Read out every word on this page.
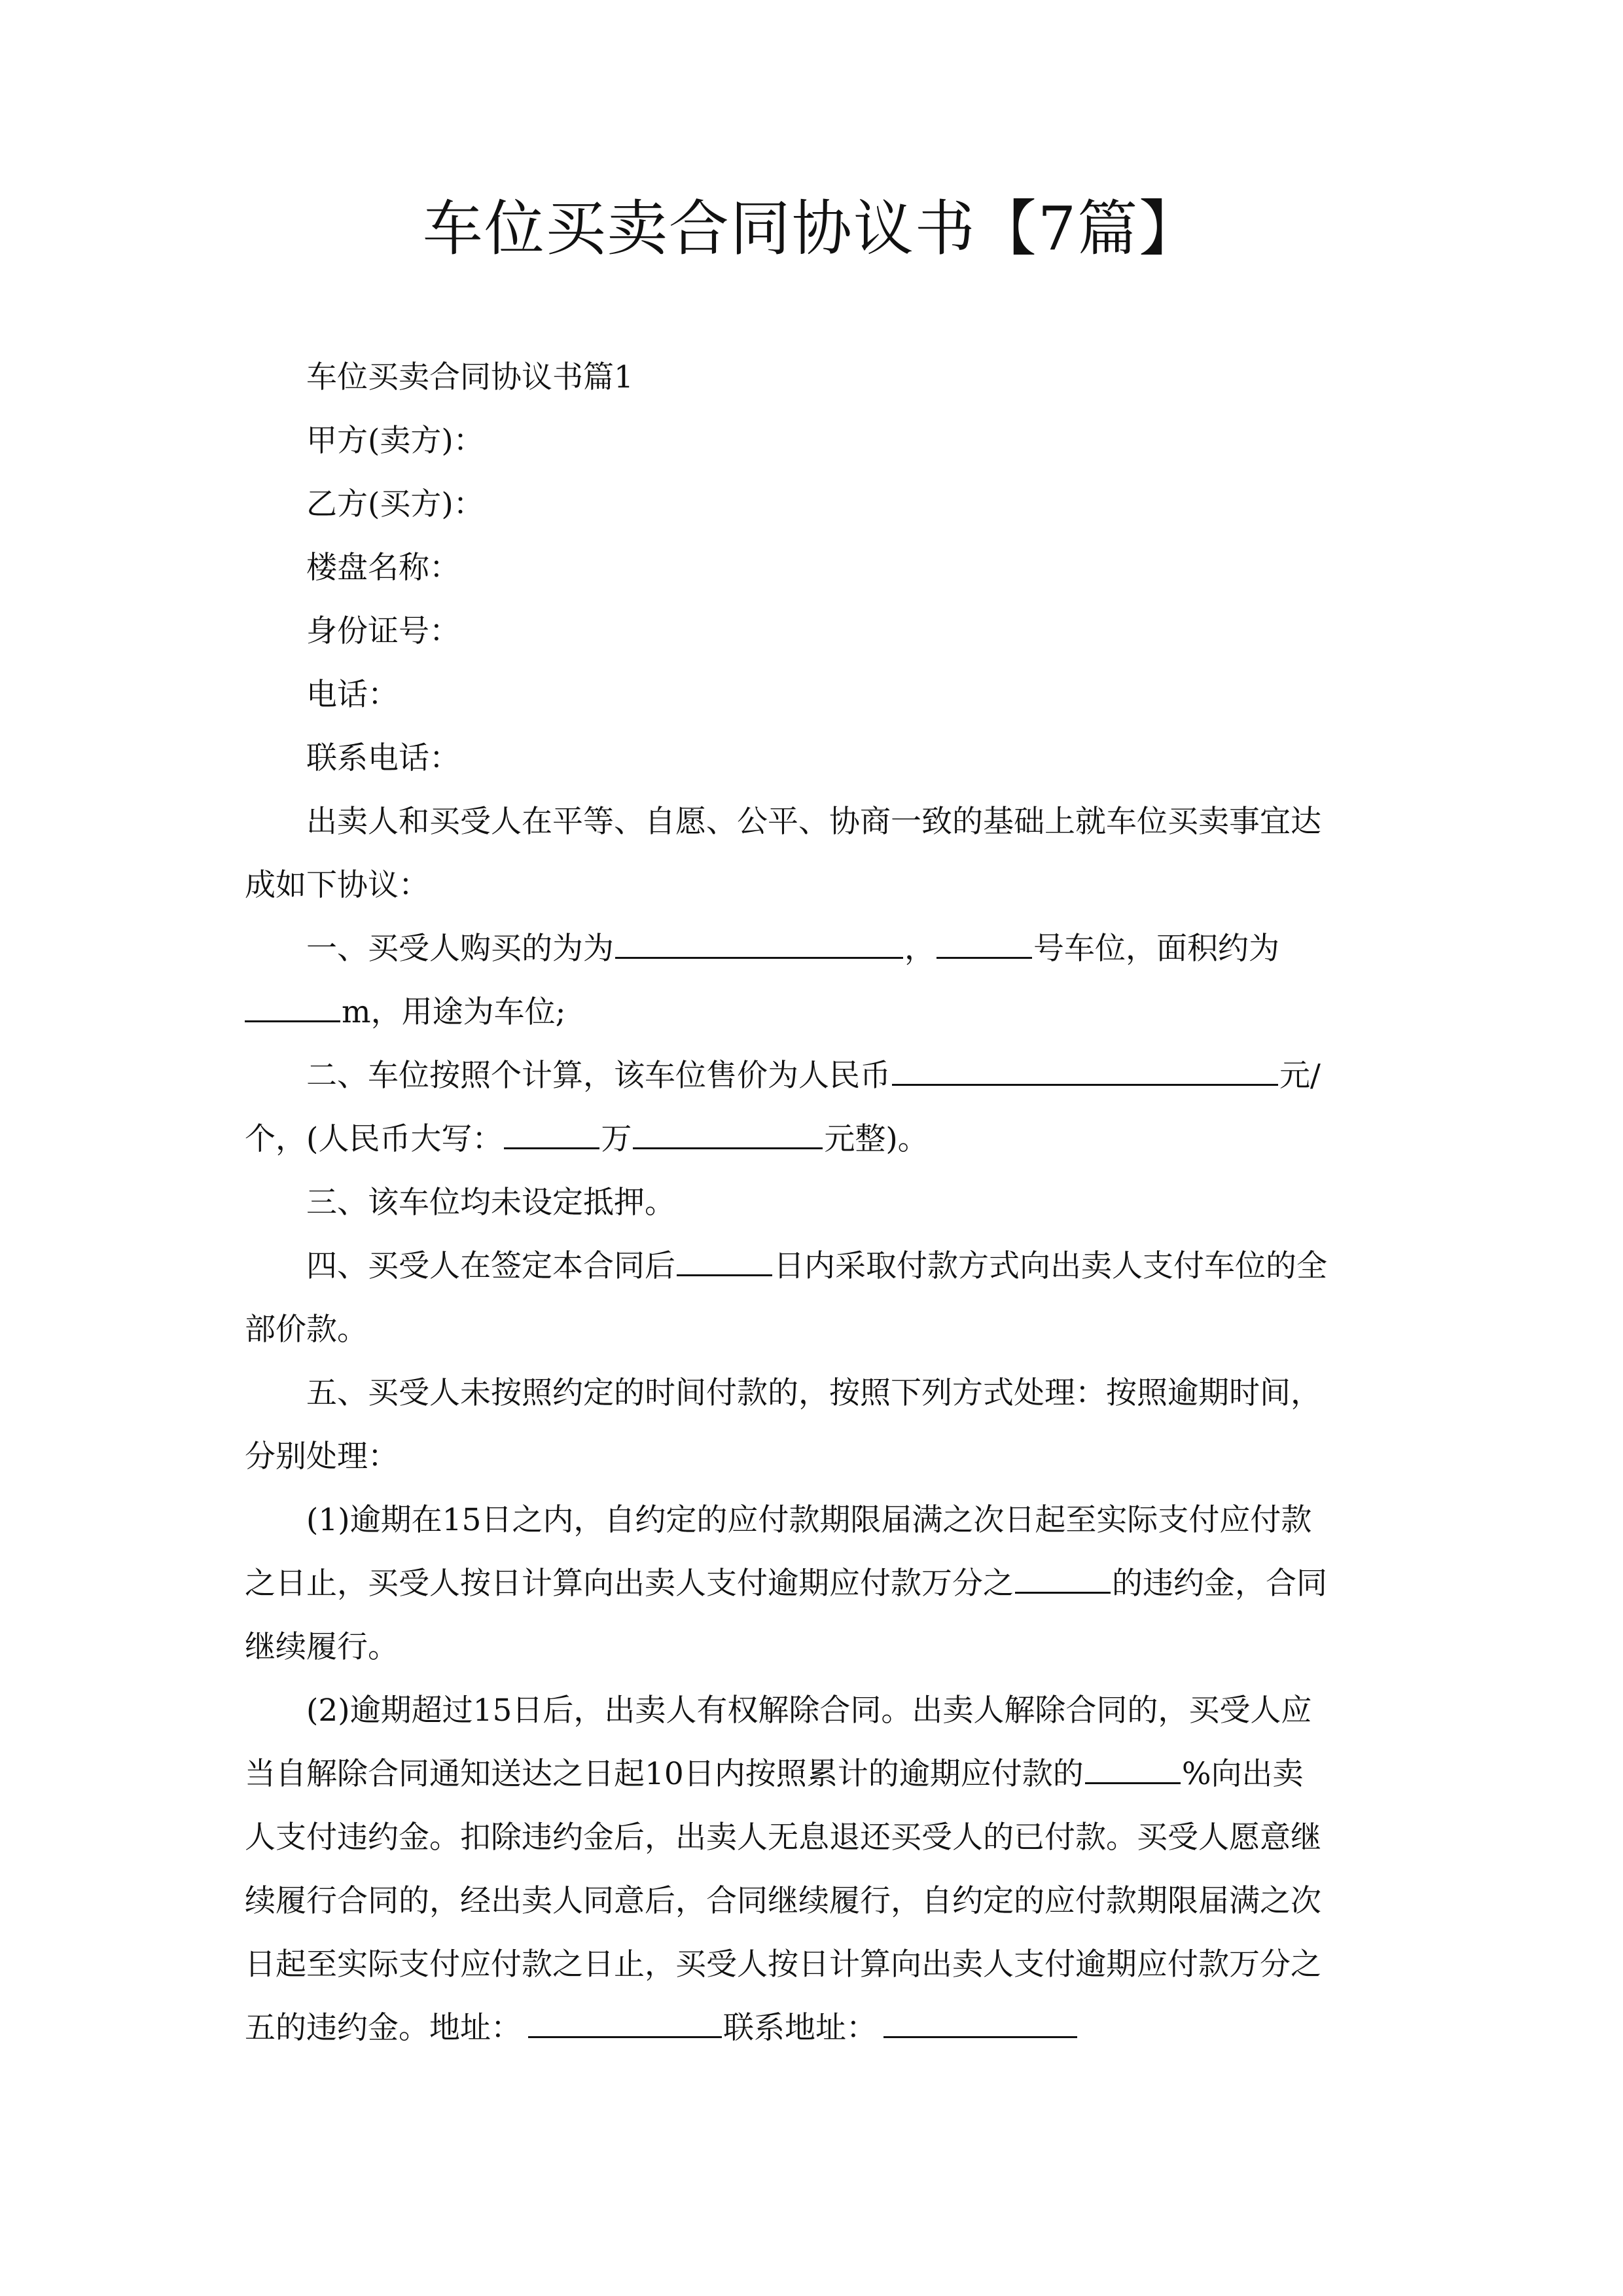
车位买卖合同协议书【7篇】
车位买卖合同协议书篇1
甲方(卖方)：
乙方(买方)：
楼盘名称：
身份证号：
电话：
联系电话：
出卖人和买受人在平等、自愿、公平、协商一致的基础上就车位买卖事宜达
成如下协议：
一、买受人购买的为为	，	号车位，面积约为
m，用途为车位;
二、车位按照个计算，该车位售价为人民币	元/
个，(人民币大写：	万	元整)。
三、该车位均未设定抵押。
四、买受人在签定本合同后	日内采取付款方式向出卖人支付车位的全
部价款。
五、买受人未按照约定的时间付款的，按照下列方式处理：按照逾期时间，
分别处理：
(1)逾期在15日之内，自约定的应付款期限届满之次日起至实际支付应付款
之日止，买受人按日计算向出卖人支付逾期应付款万分之	的违约金，合同
继续履行。
(2)逾期超过15日后，出卖人有权解除合同。出卖人解除合同的，买受人应
当自解除合同通知送达之日起10日内按照累计的逾期应付款的	%向出卖
人支付违约金。扣除违约金后，出卖人无息退还买受人的已付款。买受人愿意继
续履行合同的，经出卖人同意后，合同继续履行，自约定的应付款期限届满之次
日起至实际支付应付款之日止，买受人按日计算向出卖人支付逾期应付款万分之
五的违约金。地址：	联系地址：
